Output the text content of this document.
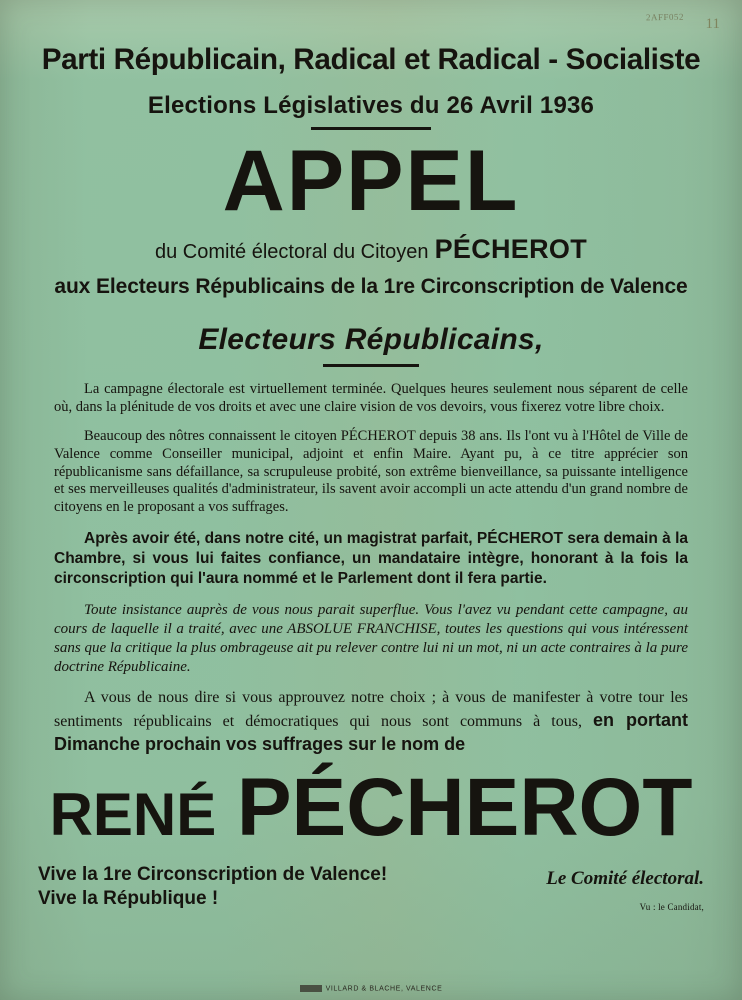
2AFF052 11
Parti Républicain, Radical et Radical - Socialiste
Elections Législatives du 26 Avril 1936
APPEL
du Comité électoral du Citoyen PÉCHEROT
aux Electeurs Républicains de la 1re Circonscription de Valence
Electeurs Républicains,

La campagne électorale est virtuellement terminée. Quelques heures seulement nous séparent de celle où, dans la plénitude de vos droits et avec une claire vision de vos devoirs, vous fixerez votre libre choix.

Beaucoup des nôtres connaissent le citoyen PÉCHEROT depuis 38 ans. Ils l'ont vu à l'Hôtel de Ville de Valence comme Conseiller municipal, adjoint et enfin Maire. Ayant pu, à ce titre apprécier son républicanisme sans défaillance, sa scrupuleuse probité, son extrême bienveillance, sa puissante intelligence et ses merveilleuses qualités d'administrateur, ils savent avoir accompli un acte attendu d'un grand nombre de citoyens en le proposant a vos suffrages.

Après avoir été, dans notre cité, un magistrat parfait, PÉCHEROT sera demain à la Chambre, si vous lui faites confiance, un mandataire intègre, honorant à la fois la circonscription qui l'aura nommé et le Parlement dont il fera partie.

Toute insistance auprès de vous nous parait superflue. Vous l'avez vu pendant cette campagne, au cours de laquelle il a traité, avec une ABSOLUE FRANCHISE, toutes les questions qui vous intéressent sans que la critique la plus ombrageuse ait pu relever contre lui ni un mot, ni un acte contraires à la pure doctrine Républicaine.

A vous de nous dire si vous approuvez notre choix ; à vous de manifester à votre tour les sentiments républicains et démocratiques qui nous sont communs à tous, en portant Dimanche prochain vos suffrages sur le nom de

RENÉ PÉCHEROT
Vive la 1re Circonscription de Valence!
Vive la République !
Le Comité électoral.
Vu : le Candidat,
VILLARD & BLACHE, VALENCE
